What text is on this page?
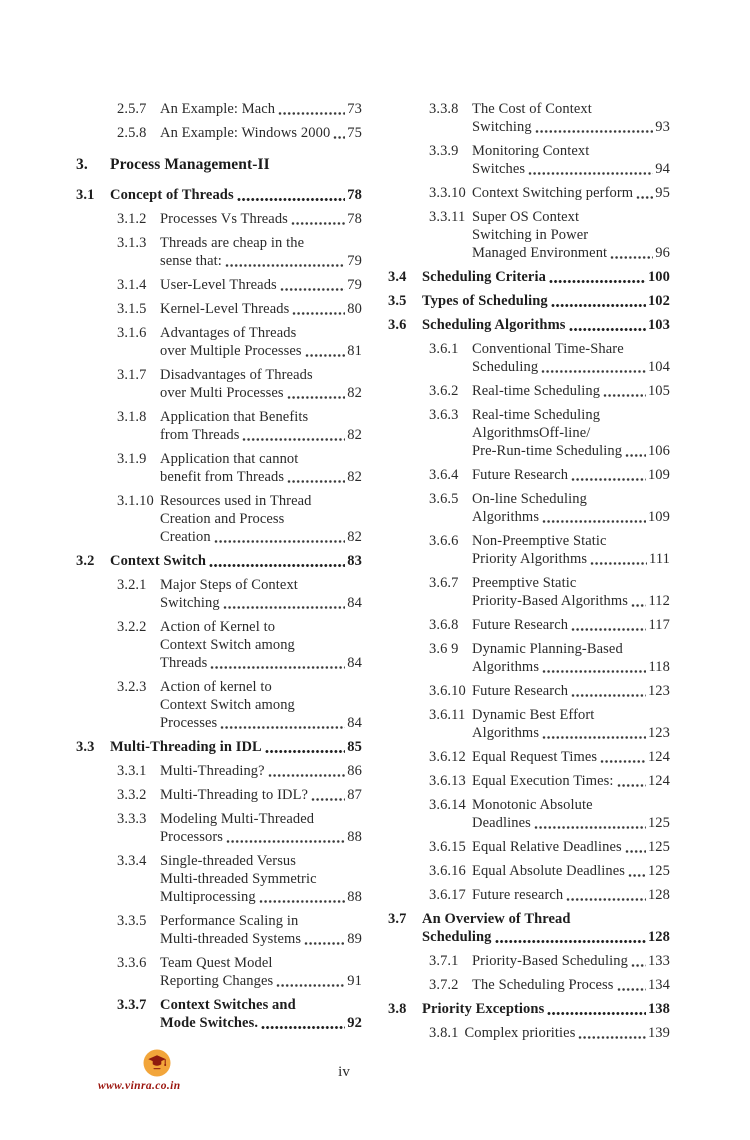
2.5.7 An Example: Mach	73
2.5.8 An Example: Windows 2000 75
3.	Process Management-II
3.1	Concept of Threads	78
3.1.2 Processes Vs Threads	78
3.1.3 Threads are cheap in the
sense that:	79
3.1.4 User-Level Threads	79
3.1.5 Kernel-Level Threads	80
3.1.6 Advantages of Threads
over Multiple Processes	81
3.1.7 Disadvantages of Threads
over Multi Processes	82
3.1.8 Application that Benefits
from Threads	82
3.1.9 Application that cannot
benefit from Threads	82
3.1.10 Resources used in Thread
Creation and Process
Creation	82
3.2	Context Switch	83
3.2.1 Major Steps of Context
Switching	84
3.2.2 Action of Kernel to
Context Switch among
Threads	84
3.2.3 Action of kernel to
Context Switch among
Processes	84
3.3	Multi-Threading in IDL	85
3.3.1 Multi-Threading?	86
3.3.2 Multi-Threading to IDL?	87
3.3.3 Modeling Multi-Threaded
Processors	88
3.3.4 Single-threaded Versus
Multi-threaded Symmetric
Multiprocessing	88
3.3.5 Performance Scaling in
Multi-threaded Systems	89
3.3.6 Team Quest Model
Reporting Changes	91
3.3.7 Context Switches and
Mode Switches.	92
3.3.8 The Cost of Context
Switching	93
3.3.9 Monitoring Context
Switches	94
3.3.10 Context Switching perform 95
3.3.11 Super OS Context
Switching in Power
Managed Environment	96
3.4	Scheduling Criteria	100
3.5	Types of Scheduling	102
3.6	Scheduling Algorithms	103
3.6.1 Conventional Time-Share
Scheduling	104
3.6.2 Real-time Scheduling	105
3.6.3 Real-time Scheduling
AlgorithmsOff-line/
Pre-Run-time Scheduling 106
3.6.4 Future Research	109
3.6.5 On-line Scheduling
Algorithms	109
3.6.6 Non-Preemptive Static
Priority Algorithms	111
3.6.7 Preemptive Static
Priority-Based Algorithms 112
3.6.8 Future Research	117
3.6 9 Dynamic Planning-Based
Algorithms	118
3.6.10 Future Research	123
3.6.11 Dynamic Best Effort
Algorithms	123
3.6.12 Equal Request Times	124
3.6.13 Equal Execution Times: 124
3.6.14 Monotonic Absolute
Deadlines	125
3.6.15 Equal Relative Deadlines 125
3.6.16 Equal Absolute Deadlines 125
3.6.17 Future research	128
3.7	An Overview of Thread
Scheduling	128
3.7.1 Priority-Based Scheduling 133
3.7.2 The Scheduling Process 134
3.8	Priority Exceptions	138
3.8.1 Complex priorities	139
www.vinra.co.in
iv
